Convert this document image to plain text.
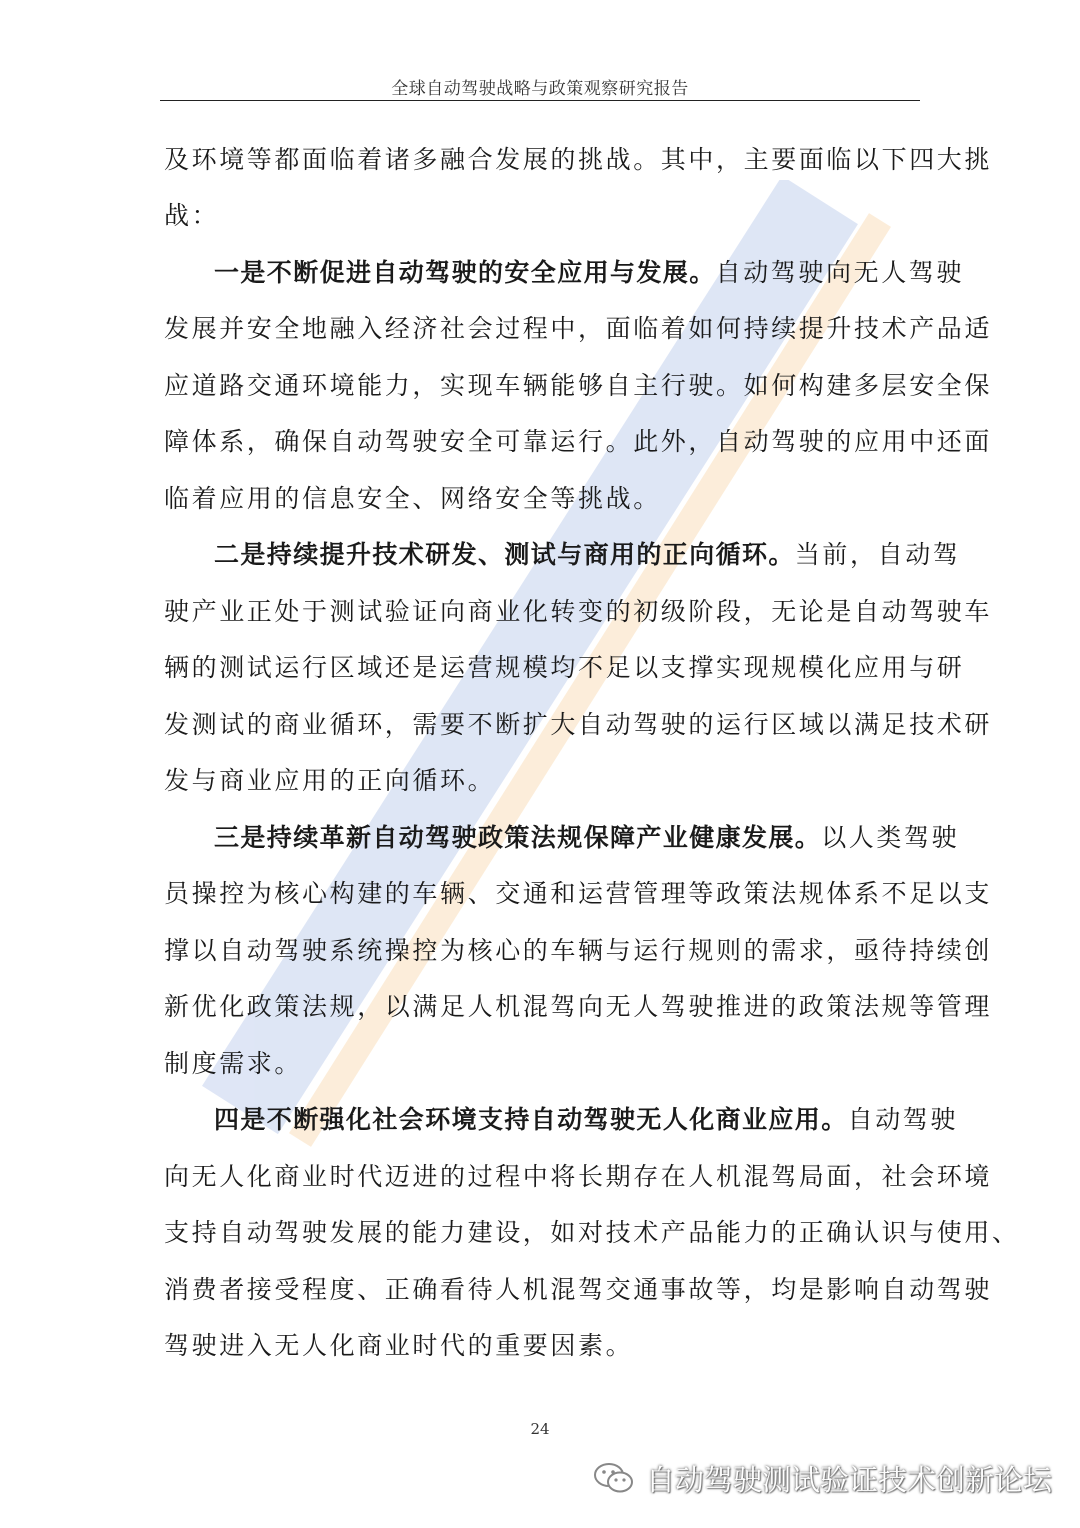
全球自动驾驶战略与政策观察研究报告
及环境等都面临着诸多融合发展的挑战。其中，主要面临以下四大挑
战：
一是不断促进自动驾驶的安全应用与发展。自动驾驶向无人驾驶
发展并安全地融入经济社会过程中，面临着如何持续提升技术产品适
应道路交通环境能力，实现车辆能够自主行驶。如何构建多层安全保
障体系，确保自动驾驶安全可靠运行。此外，自动驾驶的应用中还面
临着应用的信息安全、网络安全等挑战。
二是持续提升技术研发、测试与商用的正向循环。当前，自动驾
驶产业正处于测试验证向商业化转变的初级阶段，无论是自动驾驶车
辆的测试运行区域还是运营规模均不足以支撑实现规模化应用与研
发测试的商业循环，需要不断扩大自动驾驶的运行区域以满足技术研
发与商业应用的正向循环。
三是持续革新自动驾驶政策法规保障产业健康发展。以人类驾驶
员操控为核心构建的车辆、交通和运营管理等政策法规体系不足以支
撑以自动驾驶系统操控为核心的车辆与运行规则的需求，亟待持续创
新优化政策法规，以满足人机混驾向无人驾驶推进的政策法规等管理
制度需求。
四是不断强化社会环境支持自动驾驶无人化商业应用。自动驾驶
向无人化商业时代迈进的过程中将长期存在人机混驾局面，社会环境
支持自动驾驶发展的能力建设，如对技术产品能力的正确认识与使用、
消费者接受程度、正确看待人机混驾交通事故等，均是影响自动驾驶
驾驶进入无人化商业时代的重要因素。
24
自动驾驶测试验证技术创新论坛
